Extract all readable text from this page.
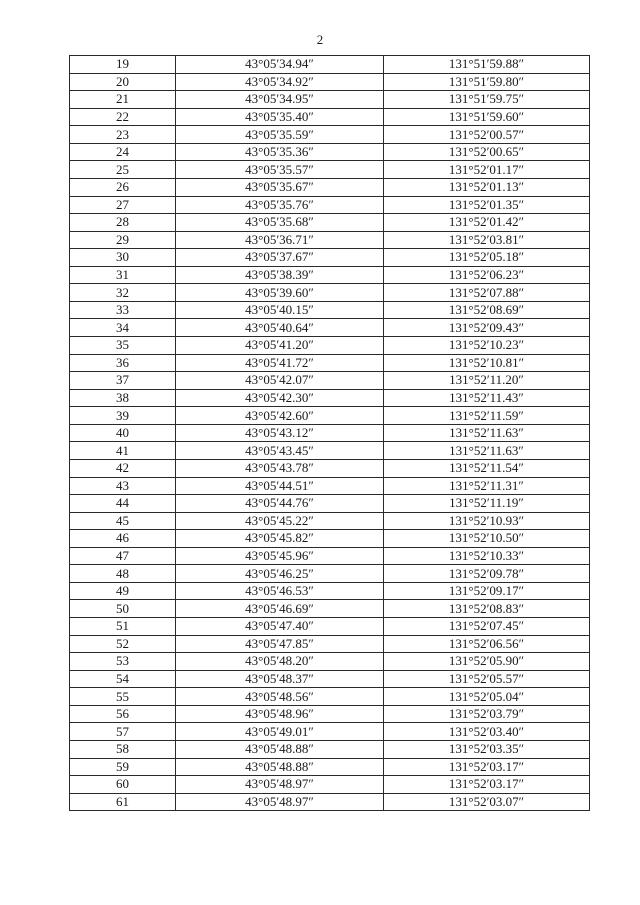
2
19	43°05′34.94″	131°51′59.88″
20	43°05′34.92″	131°51′59.80″
21	43°05′34.95″	131°51′59.75″
22	43°05′35.40″	131°51′59.60″
23	43°05′35.59″	131°52′00.57″
24	43°05′35.36″	131°52′00.65″
25	43°05′35.57″	131°52′01.17″
26	43°05′35.67″	131°52′01.13″
27	43°05′35.76″	131°52′01.35″
28	43°05′35.68″	131°52′01.42″
29	43°05′36.71″	131°52′03.81″
30	43°05′37.67″	131°52′05.18″
31	43°05′38.39″	131°52′06.23″
32	43°05′39.60″	131°52′07.88″
33	43°05′40.15″	131°52′08.69″
34	43°05′40.64″	131°52′09.43″
35	43°05′41.20″	131°52′10.23″
36	43°05′41.72″	131°52′10.81″
37	43°05′42.07″	131°52′11.20″
38	43°05′42.30″	131°52′11.43″
39	43°05′42.60″	131°52′11.59″
40	43°05′43.12″	131°52′11.63″
41	43°05′43.45″	131°52′11.63″
42	43°05′43.78″	131°52′11.54″
43	43°05′44.51″	131°52′11.31″
44	43°05′44.76″	131°52′11.19″
45	43°05′45.22″	131°52′10.93″
46	43°05′45.82″	131°52′10.50″
47	43°05′45.96″	131°52′10.33″
48	43°05′46.25″	131°52′09.78″
49	43°05′46.53″	131°52′09.17″
50	43°05′46.69″	131°52′08.83″
51	43°05′47.40″	131°52′07.45″
52	43°05′47.85″	131°52′06.56″
53	43°05′48.20″	131°52′05.90″
54	43°05′48.37″	131°52′05.57″
55	43°05′48.56″	131°52′05.04″
56	43°05′48.96″	131°52′03.79″
57	43°05′49.01″	131°52′03.40″
58	43°05′48.88″	131°52′03.35″
59	43°05′48.88″	131°52′03.17″
60	43°05′48.97″	131°52′03.17″
61	43°05′48.97″	131°52′03.07″
